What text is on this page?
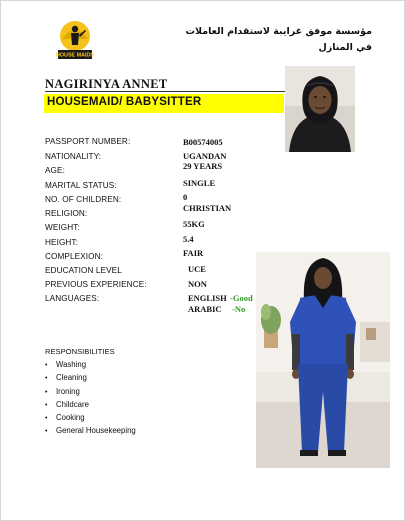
HOUSE MAIDS
مؤسسة موفق غرايبة لاستقدام العاملات في المنازل
NAGIRINYA ANNET
HOUSEMAID/ BABYSITTER
PASSPORT NUMBER:
NATIONALITY:
AGE:
MARITAL STATUS:
NO. OF CHILDREN:
RELIGION:
WEIGHT:
HEIGHT:
COMPLEXION:
EDUCATION LEVEL
PREVIOUS EXPERIENCE:
LANGUAGES:
B00574005
UGANDAN
29 YEARS
SINGLE
0
CHRISTIAN
55KG
5.4
FAIR
UCE
NON
ENGLISH -Good
ARABIC -No
RESPONSIBILITIES
• Washing
• Cleaning
• Ironing
• Childcare
• Cooking
• General Housekeeping
